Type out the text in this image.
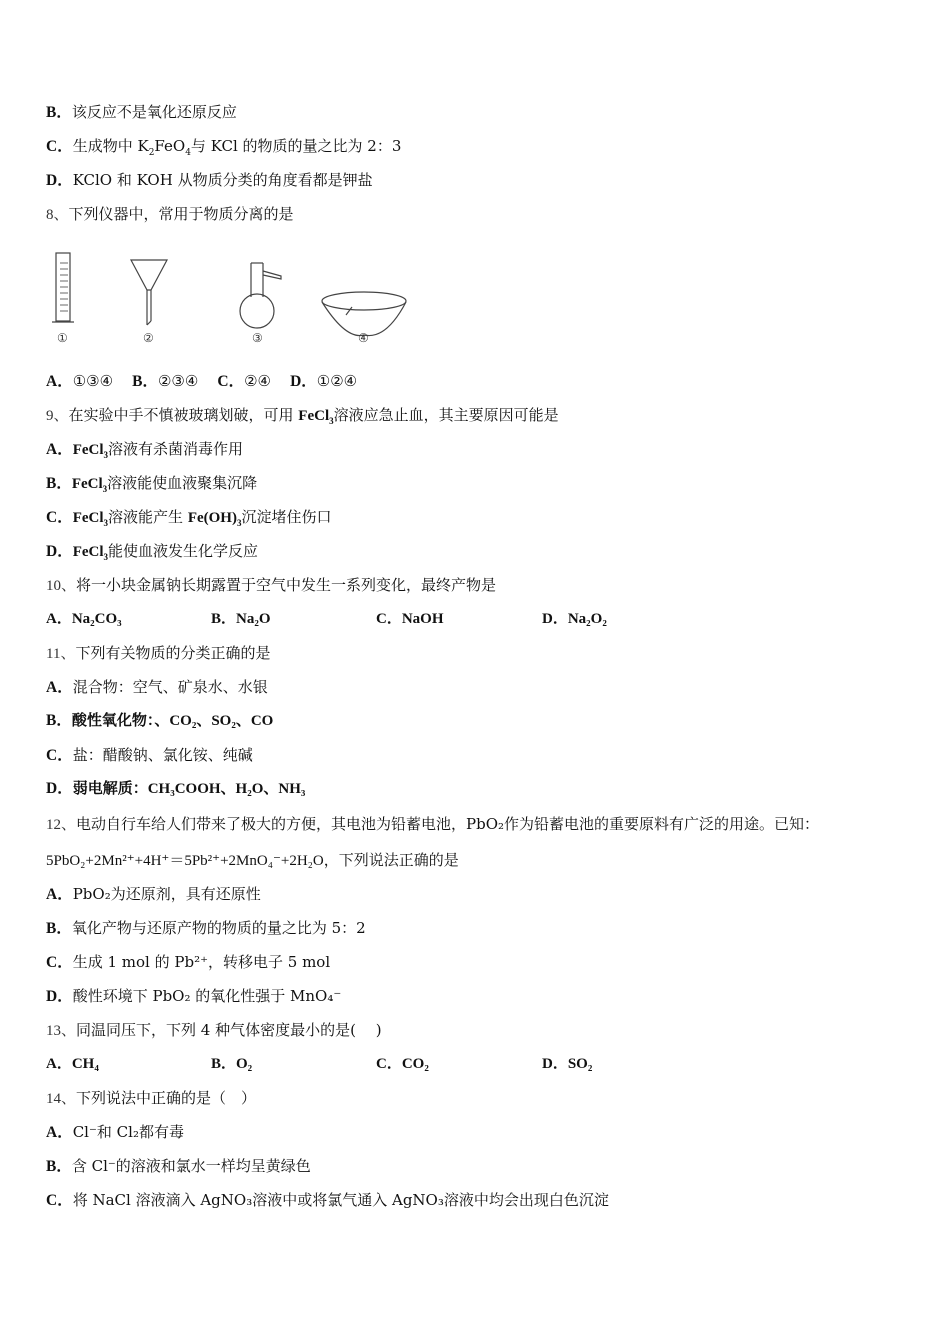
B．该反应不是氧化还原反应
C．生成物中 $K_2FeO_4$与 KCl 的物质的量之比为 2：3
D．KClO 和 KOH 从物质分类的角度看都是钾盐
8、下列仪器中，常用于物质分离的是
①	②	③	④
A．①③④ B．②③④ C．②④ D．①②④
9、在实验中手不慎被玻璃划破，可用 FeCl$_3$溶液应急止血，其主要原因可能是
A．FeCl$_3$溶液有杀菌消毒作用
B．FeCl$_3$溶液能使血液聚集沉降
C．FeCl$_3$溶液能产生 $Fe(OH)_3$沉淀堵住伤口
D．FeCl$_3$能使血液发生化学反应
10、将一小块金属钠长期露置于空气中发生一系列变化，最终产物是
A．Na₂CO₃	B．Na₂O	C．NaOH	D．Na₂O₂
11、下列有关物质的分类正确的是
A．混合物：空气、矿泉水、水银
B．酸性氧化物：、CO₂、SO₂、CO
C．盐：醋酸钠、氯化铵、纯碱
D．弱电解质：CH₃COOH、H₂O、NH₃
12、电动自行车给人们带来了极大的方便，其电池为铅蓄电池，PbO₂作为铅蓄电池的重要原料有广泛的用途。已知：
5PbO₂+2Mn²⁺+4H⁺＝5Pb²⁺+2MnO₄⁻+2H₂O，下列说法正确的是
A．PbO₂为还原剂，具有还原性
B．氧化产物与还原产物的物质的量之比为 5：2
C．生成 1 mol 的 Pb²⁺，转移电子 5 mol
D．酸性环境下 PbO₂ 的氧化性强于 MnO₄⁻
13、同温同压下，下列 4 种气体密度最小的是(　 )
A．CH₄	B．O₂	C．CO₂	D．SO₂
14、下列说法中正确的是（　）
A．Cl⁻和 Cl₂都有毒
B．含 Cl⁻的溶液和氯水一样均呈黄绿色
C．将 NaCl 溶液滴入 AgNO₃溶液中或将氯气通入 AgNO₃溶液中均会出现白色沉淀
